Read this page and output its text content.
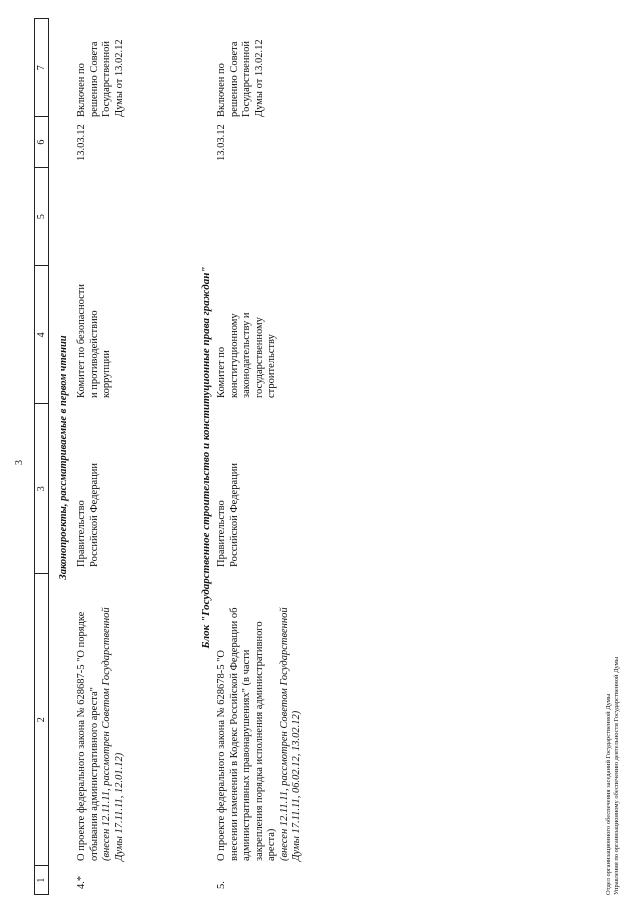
3
1
2
3
4
5
6
7
Законопроекты, рассматриваемые в первом чтении
4.*
О проекте федерального закона № 628687-5 "О порядке отбывания административного ареста" (внесен 12.11.11, рассмотрен Советом Государственной Думы 17.11.11, 12.01.12)
Правительство Российской Федерации
Комитет по безопасности и противодействию коррупции
13.03.12
Включен по решению Совета Государственной Думы от 13.02.12
Блок "Государственное строительство и конституционные права граждан"
5.
О проекте федерального закона № 628678-5 "О внесении изменений в Кодекс Российской Федерации об административных правонарушениях" (в части закрепления порядка исполнения административного ареста) (внесен 12.11.11, рассмотрен Советом Государственной Думы 17.11.11, 06.02.12, 13.02.12)
Правительство Российской Федерации
Комитет по конституционному законодательству и государственному строительству
13.03.12
Включен по решению Совета Государственной Думы от 13.02.12
Отдел организационного обеспечения заседаний Государственной Думы Управления по организационному обеспечению деятельности Государственной Думы
